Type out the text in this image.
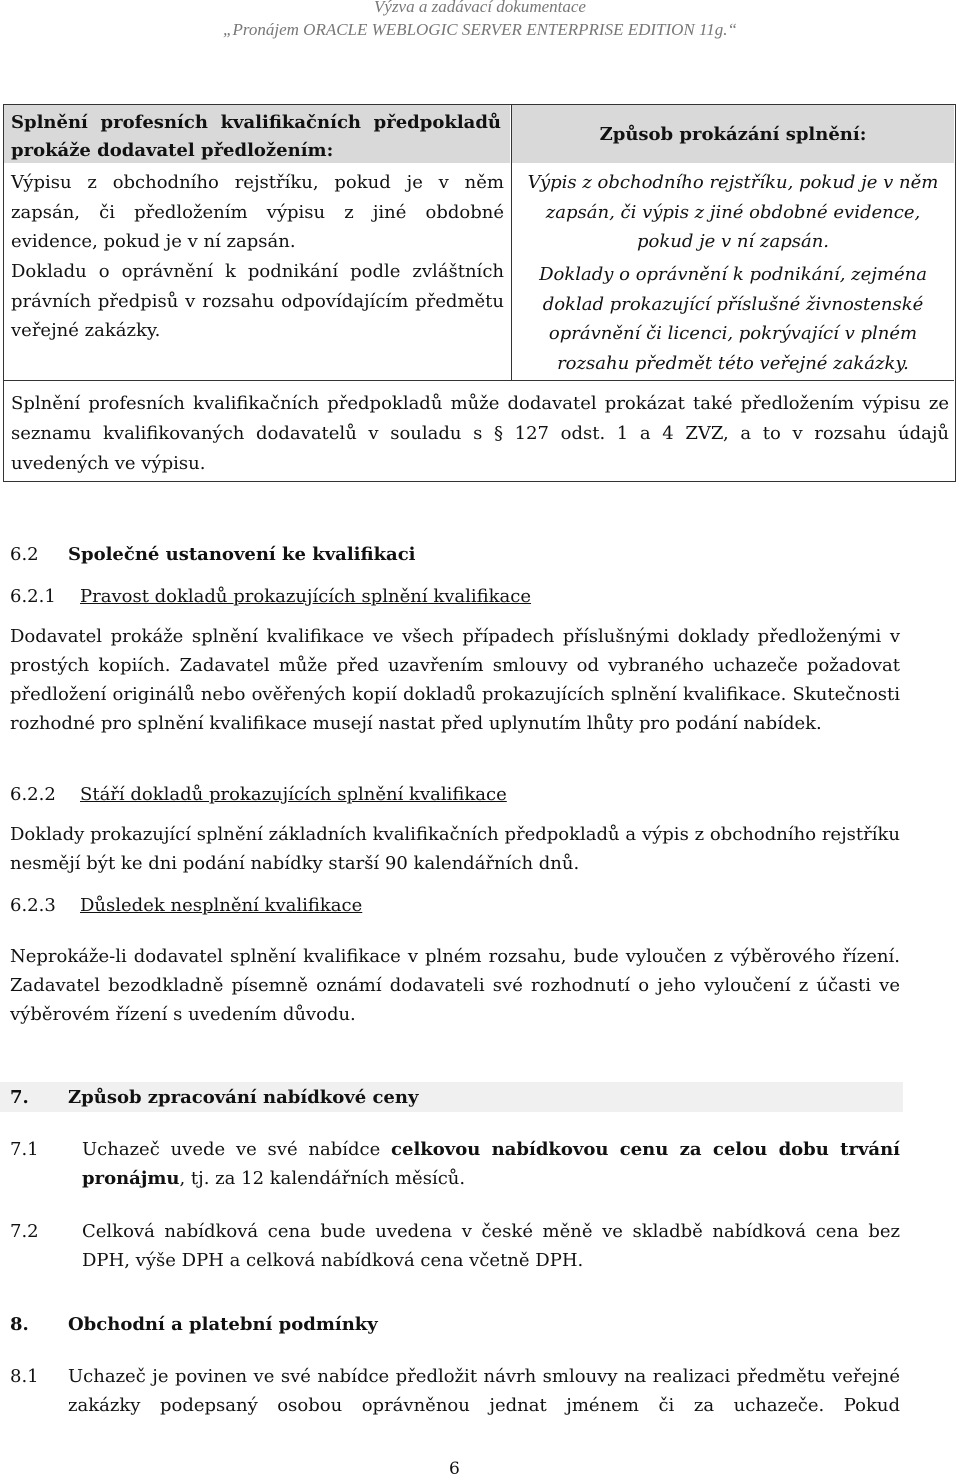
Výzva a zadávací dokumentace
„Pronájem ORACLE WEBLOGIC SERVER ENTERPRISE EDITION 11g.“
Splnění profesních kvalifikačních předpokladů prokáže dodavatel předložením:
Výpisu z obchodního rejstříku, pokud je v něm zapsán, či předložením výpisu z jiné obdobné evidence, pokud je v ní zapsán.
Dokladu o oprávnění k podnikání podle zvláštních právních předpisů v rozsahu odpovídajícím předmětu veřejné zakázky.
Způsob prokázání splnění:
Výpis z obchodního rejstříku, pokud je v něm zapsán, či výpis z jiné obdobné evidence, pokud je v ní zapsán.
Doklady o oprávnění k podnikání, zejména doklad prokazující příslušné živnostenské oprávnění či licenci, pokrývající v plném rozsahu předmět této veřejné zakázky.
Splnění profesních kvalifikačních předpokladů může dodavatel prokázat také předložením výpisu ze seznamu kvalifikovaných dodavatelů v souladu s § 127 odst. 1 a 4 ZVZ, a to v rozsahu údajů uvedených ve výpisu.
6.2 Společné ustanovení ke kvalifikaci
6.2.1 Pravost dokladů prokazujících splnění kvalifikace
Dodavatel prokáže splnění kvalifikace ve všech případech příslušnými doklady předloženými v prostých kopiích. Zadavatel může před uzavřením smlouvy od vybraného uchazeče požadovat předložení originálů nebo ověřených kopií dokladů prokazujících splnění kvalifikace. Skutečnosti rozhodné pro splnění kvalifikace musejí nastat před uplynutím lhůty pro podání nabídek.
6.2.2 Stáří dokladů prokazujících splnění kvalifikace
Doklady prokazující splnění základních kvalifikačních předpokladů a výpis z obchodního rejstříku nesmějí být ke dni podání nabídky starší 90 kalendářních dnů.
6.2.3 Důsledek nesplnění kvalifikace
Neprokáže-li dodavatel splnění kvalifikace v plném rozsahu, bude vyloučen z výběrového řízení. Zadavatel bezodkladně písemně oznámí dodavateli své rozhodnutí o jeho vyloučení z účasti ve výběrovém řízení s uvedením důvodu.
7. Způsob zpracování nabídkové ceny
7.1 Uchazeč uvede ve své nabídce celkovou nabídkovou cenu za celou dobu trvání
pronájmu, tj. za 12 kalendářních měsíců.
7.2 Celková nabídková cena bude uvedena v české měně ve skladbě nabídková cena bez DPH, výše DPH a celková nabídková cena včetně DPH.
8. Obchodní a platební podmínky
8.1 Uchazeč je povinen ve své nabídce předložit návrh smlouvy na realizaci předmětu veřejné zakázky podepsaný osobou oprávněnou jednat jménem či za uchazeče. Pokud
6
